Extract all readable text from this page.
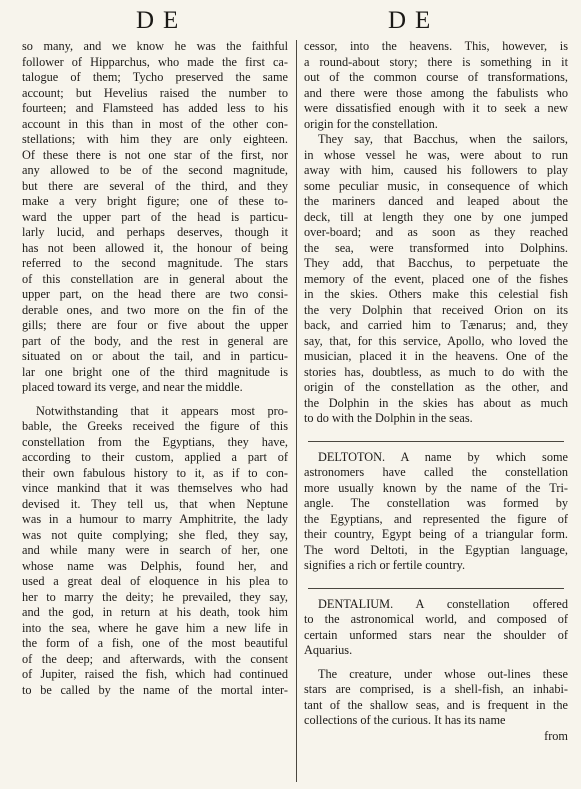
DE	DE
so many, and we know he was the faithful
follower of Hipparchus, who made the first ca-
talogue of them; Tycho preserved the same
account; but Hevelius raised the number to
fourteen; and Flamsteed has added less to his
account in this than in most of the other con-
stellations; with him they are only eighteen.
Of these there is not one star of the first, nor
any allowed to be of the second magnitude,
but there are several of the third, and they
make a very bright figure; one of these to-
ward the upper part of the head is particu-
larly lucid, and perhaps deserves, though it
has not been allowed it, the honour of being
referred to the second magnitude. The stars
of this constellation are in general about the
upper part, on the head there are two consi-
derable ones, and two more on the fin of the
gills; there are four or five about the upper
part of the body, and the rest in general are
situated on or about the tail, and in particu-
lar one bright one of the third magnitude is
placed toward its verge, and near the middle.
Notwithstanding that it appears most pro-
bable, the Greeks received the figure of this
constellation from the Egyptians, they have,
according to their custom, applied a part of
their own fabulous history to it, as if to con-
vince mankind that it was themselves who had
devised it. They tell us, that when Neptune
was in a humour to marry Amphitrite, the lady
was not quite complying; she fled, they say,
and while many were in search of her, one
whose name was Delphis, found her, and
used a great deal of eloquence in his plea to
her to marry the deity; he prevailed, they say,
and the god, in return at his death, took him
into the sea, where he gave him a new life in
the form of a fish, one of the most beautiful
of the deep; and afterwards, with the consent
of Jupiter, raised the fish, which had continued
to be called by the name of the mortal inter-
cessor, into the heavens. This, however, is
a round-about story; there is something in it
out of the common course of transformations,
and there were those among the fabulists who
were dissatisfied enough with it to seek a new
origin for the constellation.
They say, that Bacchus, when the sailors,
in whose vessel he was, were about to run
away with him, caused his followers to play
some peculiar music, in consequence of which
the mariners danced and leaped about the
deck, till at length they one by one jumped
over-board; and as soon as they reached
the sea, were transformed into Dolphins.
They add, that Bacchus, to perpetuate the
memory of the event, placed one of the fishes
in the skies. Others make this celestial fish
the very Dolphin that received Orion on its
back, and carried him to Tænarus; and, they
say, that, for this service, Apollo, who loved the
musician, placed it in the heavens. One of the
stories has, doubtless, as much to do with the
origin of the constellation as the other, and
the Dolphin in the skies has about as much
to do with the Dolphin in the seas.
DELTOTON. A name by which some
astronomers have called the constellation
more usually known by the name of the Tri-
angle. The constellation was formed by
the Egyptians, and represented the figure of
their country, Egypt being of a triangular form.
The word Deltoti, in the Egyptian language,
signifies a rich or fertile country.
DENTALIUM. A constellation offered
to the astronomical world, and composed of
certain unformed stars near the shoulder of
Aquarius.
The creature, under whose out-lines these
stars are comprised, is a shell-fish, an inhabi-
tant of the shallow seas, and is frequent in the
collections of the curious. It has its name
from
